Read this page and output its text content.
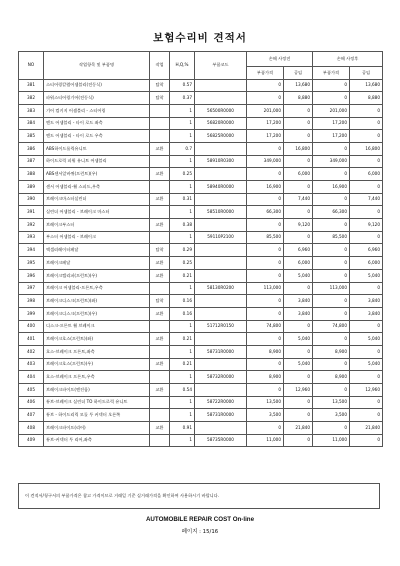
보험수리비 견적서
NO	작업항목 및 부품명	작업	H,Q,%	부품코드	손해 사정전		손해 사정후	
					부품가격	공임	부품가격	공임
381	스티어링칼럼어셈블리(전동식)	탈착	0.57		0	13,680	0	13,680
382	파워스티어링기어(전동식)	탈착	0.37		0	8,880	0	8,880
383	기어 컴키지 어셈블리 - 스티어링		1	56500R0000	201,000	0	201,000	0
384	엔드 어셈블리 - 타이 로드 좌측		1	56820R0000	17,200	0	17,200	0
385	엔드 어셈블리 - 타이 로드 우측		1	56825R0000	17,200	0	17,200	0
386	ABS하이드롤릭유니트	교환	0.7		0	16,800	0	16,800
387	하이드로릭 피워 유니트 어셈블리		1	58910R0300	349,000	0	349,000	0
388	ABS센서앞바퀴(프런트)(우)	교환	0.25		0	6,000	0	6,000
389	센서 어셈블리-휠 스피드,우측		1	58940R0000	16,900	0	16,900	0
390	브레이크마스터실린더	교환	0.31		0	7,440	0	7,440
391	실린더 어셈블리 - 브레이크 마스터		1	58510R0000	66,300	0	66,300	0
392	브레이크부스터	교환	0.38		0	9,120	0	9,120
393	부스터 어셈블리 - 브레이크		1	59110P2100	85,500	0	85,500	0
394	액셀러레이터페달	탈착	0.29		0	6,960	0	6,960
395	브레이크페달	교환	0.25		0	6,000	0	6,000
396	브레이크캘리퍼(프런트)(우)	교환	0.21		0	5,040	0	5,040
397	브레이크 어셈블리-프론트,우측		1	58130R0200	113,000	0	113,000	0
398	브레이크디스크(프런트)(좌)	탈착	0.16		0	3,840	0	3,840
399	브레이크디스크(프런트)(우)	교환	0.16		0	3,840	0	3,840
400	디스크-프론트 휠 브레이크		1	51712R0150	74,800	0	74,800	0
401	브레이크호스(프런트)(좌)	교환	0.21		0	5,040	0	5,040
402	호스-브레이크 프론트,좌측		1	58731R0000	8,900	0	8,900	0
403	브레이크호스(프런트)(우)	교환	0.21		0	5,040	0	5,040
404	호스-브레이크 프론트,우측		1	58732R0000	8,900	0	8,900	0
405	브레이크파이프(엔진룸)	교환	0.54		0	12,960	0	12,960
406	튜브-브레이크 실린더 TO 하이드로릭 유니트		1	58722R0000	13,500	0	13,500	0
407	튜브 - 하이드리릭 모듈 투 커넥터 오른쪽		1	58731R0000	3,500	0	3,500	0
408	브레이크파이프(리어)	교환	0.91		0	21,840	0	21,840
409	튜브-커넥터 투 리어,좌측		1	58735R0000	11,000	0	11,000	0
이 견적서/청구서의 부품가격은 참고 가격이므로 거래일 기준 실거래가격을 확인하여 사용하시기 바랍니다.
AUTOMOBILE REPAIR COST On-line
페이지 : 15/16
